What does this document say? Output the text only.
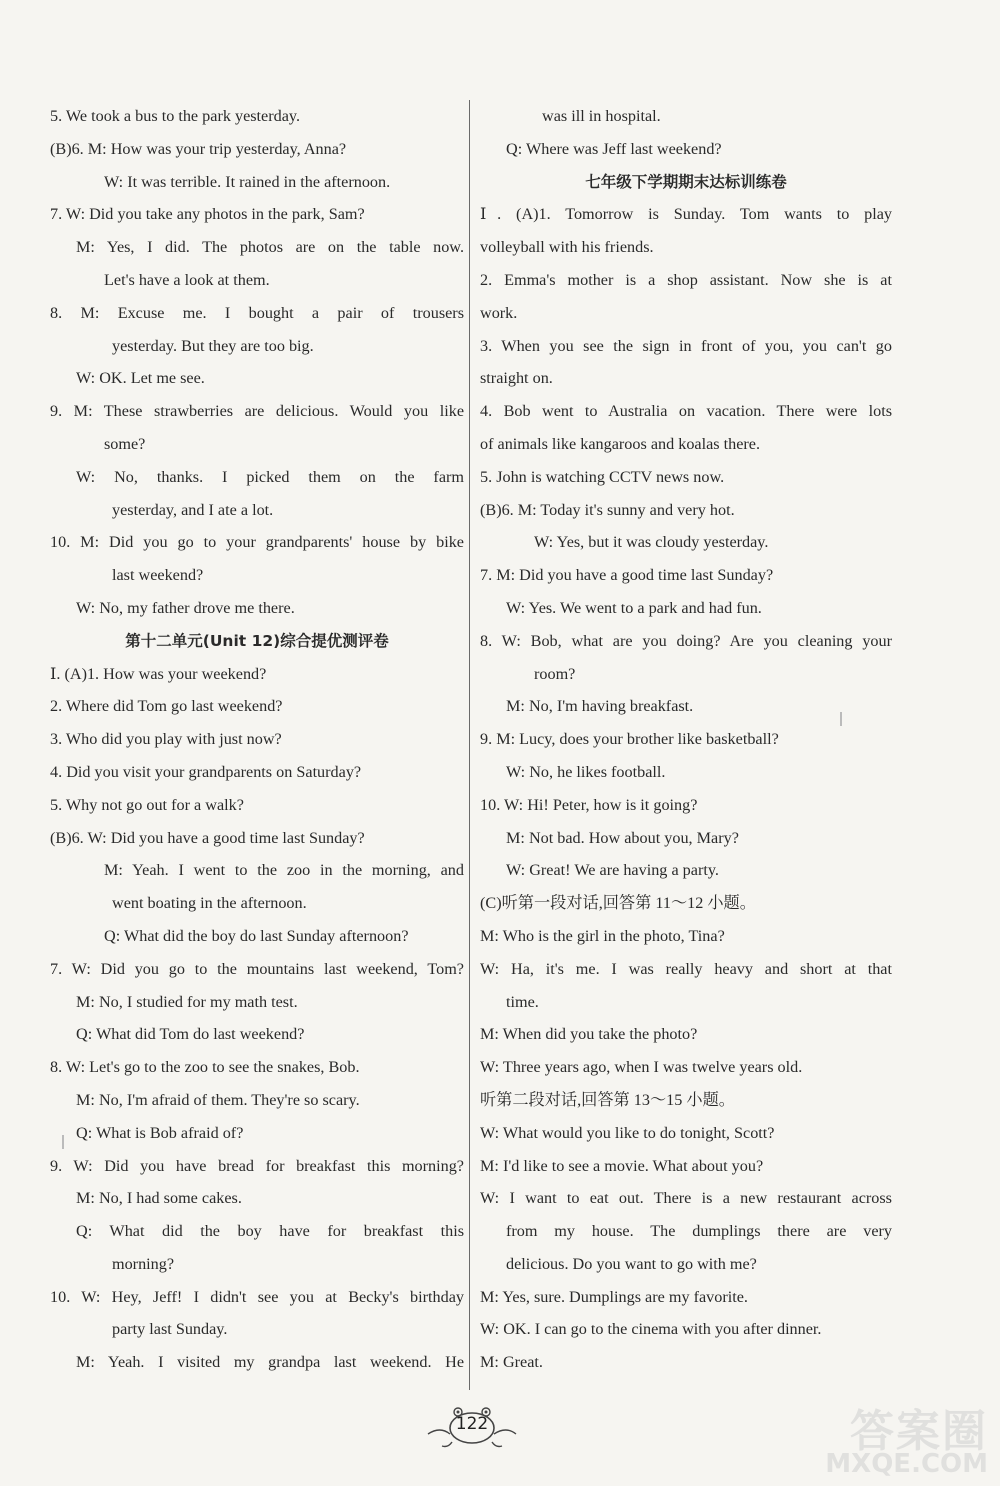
5. We took a bus to the park yesterday.
(B)6. M: How was your trip yesterday, Anna?
W: It was terrible. It rained in the afternoon.
7. W: Did you take any photos in the park, Sam?
M: Yes, I did. The photos are on the table now.
Let's have a look at them.
8. M: Excuse me. I bought a pair of trousers
yesterday. But they are too big.
W: OK. Let me see.
9. M: These strawberries are delicious. Would you like
some?
W: No, thanks. I picked them on the farm
yesterday, and I ate a lot.
10. M: Did you go to your grandparents' house by bike
last weekend?
W: No, my father drove me there.
第十二单元(Unit 12)综合提优测评卷
Ⅰ. (A)1. How was your weekend?
2. Where did Tom go last weekend?
3. Who did you play with just now?
4. Did you visit your grandparents on Saturday?
5. Why not go out for a walk?
(B)6. W: Did you have a good time last Sunday?
M: Yeah. I went to the zoo in the morning, and
went boating in the afternoon.
Q: What did the boy do last Sunday afternoon?
7. W: Did you go to the mountains last weekend, Tom?
M: No, I studied for my math test.
Q: What did Tom do last weekend?
8. W: Let's go to the zoo to see the snakes, Bob.
M: No, I'm afraid of them. They're so scary.
Q: What is Bob afraid of?
9. W: Did you have bread for breakfast this morning?
M: No, I had some cakes.
Q: What did the boy have for breakfast this
morning?
10. W: Hey, Jeff! I didn't see you at Becky's birthday
party last Sunday.
M: Yeah. I visited my grandpa last weekend. He
was ill in hospital.
Q: Where was Jeff last weekend?
七年级下学期期末达标训练卷
Ⅰ. (A)1. Tomorrow is Sunday. Tom wants to play
volleyball with his friends.
2. Emma's mother is a shop assistant. Now she is at
work.
3. When you see the sign in front of you, you can't go
straight on.
4. Bob went to Australia on vacation. There were lots
of animals like kangaroos and koalas there.
5. John is watching CCTV news now.
(B)6. M: Today it's sunny and very hot.
W: Yes, but it was cloudy yesterday.
7. M: Did you have a good time last Sunday?
W: Yes. We went to a park and had fun.
8. W: Bob, what are you doing? Are you cleaning your
room?
M: No, I'm having breakfast.
9. M: Lucy, does your brother like basketball?
W: No, he likes football.
10. W: Hi! Peter, how is it going?
M: Not bad. How about you, Mary?
W: Great! We are having a party.
(C)听第一段对话,回答第 11～12 小题。
M: Who is the girl in the photo, Tina?
W: Ha, it's me. I was really heavy and short at that
time.
M: When did you take the photo?
W: Three years ago, when I was twelve years old.
听第二段对话,回答第 13～15 小题。
W: What would you like to do tonight, Scott?
M: I'd like to see a movie. What about you?
W: I want to eat out. There is a new restaurant across
from my house. The dumplings there are very
delicious. Do you want to go with me?
M: Yes, sure. Dumplings are my favorite.
W: OK. I can go to the cinema with you after dinner.
M: Great.
122	答案圈
MXQE.COM
